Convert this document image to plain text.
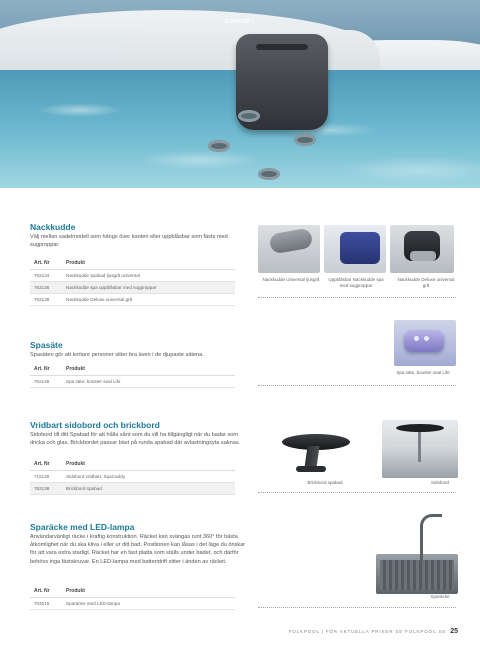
KOMFORT
Nackkudde
Välj mellan sadelmodell som hängs över kanten eller uppblåsbar som fästs med sugproppar.
Art. Nr	Produkt
762134	Nackkudde spabad ljusgrå universal
762136	Nackkudde spa uppblåsbar med sugproppar
762139	Nackkudde Deluxe universal grå
Nackkudde Universal ljusgrå	Uppblåsbar Nackkudde spa med sugproppar
Nackkudde Deluxe universal grå
Spasäte
Spasäten gör att kortare personer sitter bra även i de djupaste sätena.
Art. Nr	Produkt
762146	Spa säte, booster seal Life
Spa säte, booster seal Life
Vridbart sidobord och brickbord
Sidobord till ditt Spabad för att hålla sånt som du vill ha tillgängligt när du badar som dricka och glas. Brickbordet passar bäst på runda spabad där avlastningsyta saknas.
Art. Nr	Produkt
715120	Sidobord vridbart, SpaCaddy
762138	Brickbord spabad
Brickbord spabad	Sidobord
Sparäcke med LED-lampa
Användarvänligt räcke i kraftig konstruktion. Räcket kan svängas runt 360° för bästa åtkomlighet när du ska kliva i eller ur ditt bad. Positionen kan låsas i det läge du önskar för att vara extra stadigt. Räcket har en fast platta som ställs under badet, och därför behövs inga fästskruvar. En LED-lampa med batteridrift sitter i änden av räcket.
Art. Nr	Produkt
704015	Sparäcke med LED-lampa
Sparäcke
FOLKPOOL | FÖR AKTUELLA PRISER SE FOLKPOOL.SE 25
